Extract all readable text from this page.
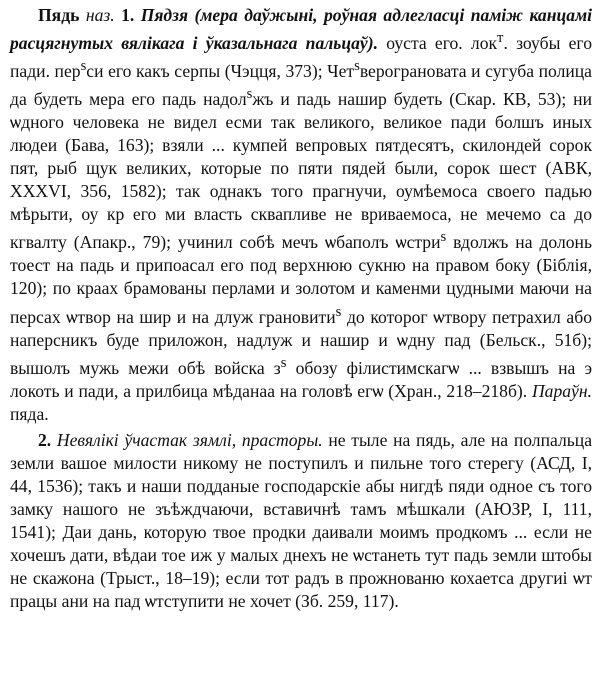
Пядь наз. 1. Пядзя (мера даўжыні, роўная адлегласці паміж канцамі расцягнутых вялікага і ўказальнага пальцаў). оуста его. лок$^т$. зоубы его пади. пер$^s$си его какъ серпы (Чэцця, 373); Чет$^s$верогрaновата и сугуба полица да будеть мера его падь надол$^s$жъ и падь нашир будеть (Скар. КВ, 53); ни ѡдного человека не видел есми так великого, великое пади болшъ иных людеи (Бава, 163); взяли ... кумпей вепровых пятдесятъ, скилондей сорок пят, рыб щук великих, которые по пяти пядей были, сорок шест (АВК, XXXVI, 356, 1582); так однакъ того прагнучи, оумѣемоса своего падью мѣрыти, оу кр его ми власть сквапливе не вриваемоса, не мечемо са до кгвалту (Апакр., 79); учинил собѣ мечъ ѡбаполъ ѡстри$^s$ вдолжъ на долонь тоест на падь и припоасал его под верхнюю сукню на правом боку (Біблія, 120); по краах брамованы перлами и золотом и каменми цудными маючи на персах ѡтвор на шир и на длуж грановити$^s$ до которог ѡтвору петрахил або наперсникъ буде приложон, надлуж и нашир и ѡдну пад (Бельск., 51б); вышолъ мужь межи обѣ войска $з^s$ обозу філистимскагѡ ... взвышъ на э локоть и пади, а прилбица мѣданаа на головѣ егѡ (Хран., 218–218б). Параўн. пяда.

2. Невялікі ўчастак зямлі, прасторы. не тыле на пядь, але на полпальца земли вашое милости никому не поступилъ и пильне того стерегу (АСД, I, 44, 1536); такъ и наши подданые господарскіе абы нигдѣ пяди одное съ того замку нашого не зъѣждчаючи, вставичнѣ тамъ мѣшкали (АЮЗР, I, 111, 1541); Даи дань, которую твое продки даивали моимъ продкомъ ... если не хочешъ дати, вѣдаи тое иж у малых днехъ не ѡстанеть тут падь земли штобы не скажона (Трыст., 18–19); если тот радъ в прожнованю кохаетса другиi ѡт працы ани на пад ѡтступити не хочет (Зб. 259, 117).
